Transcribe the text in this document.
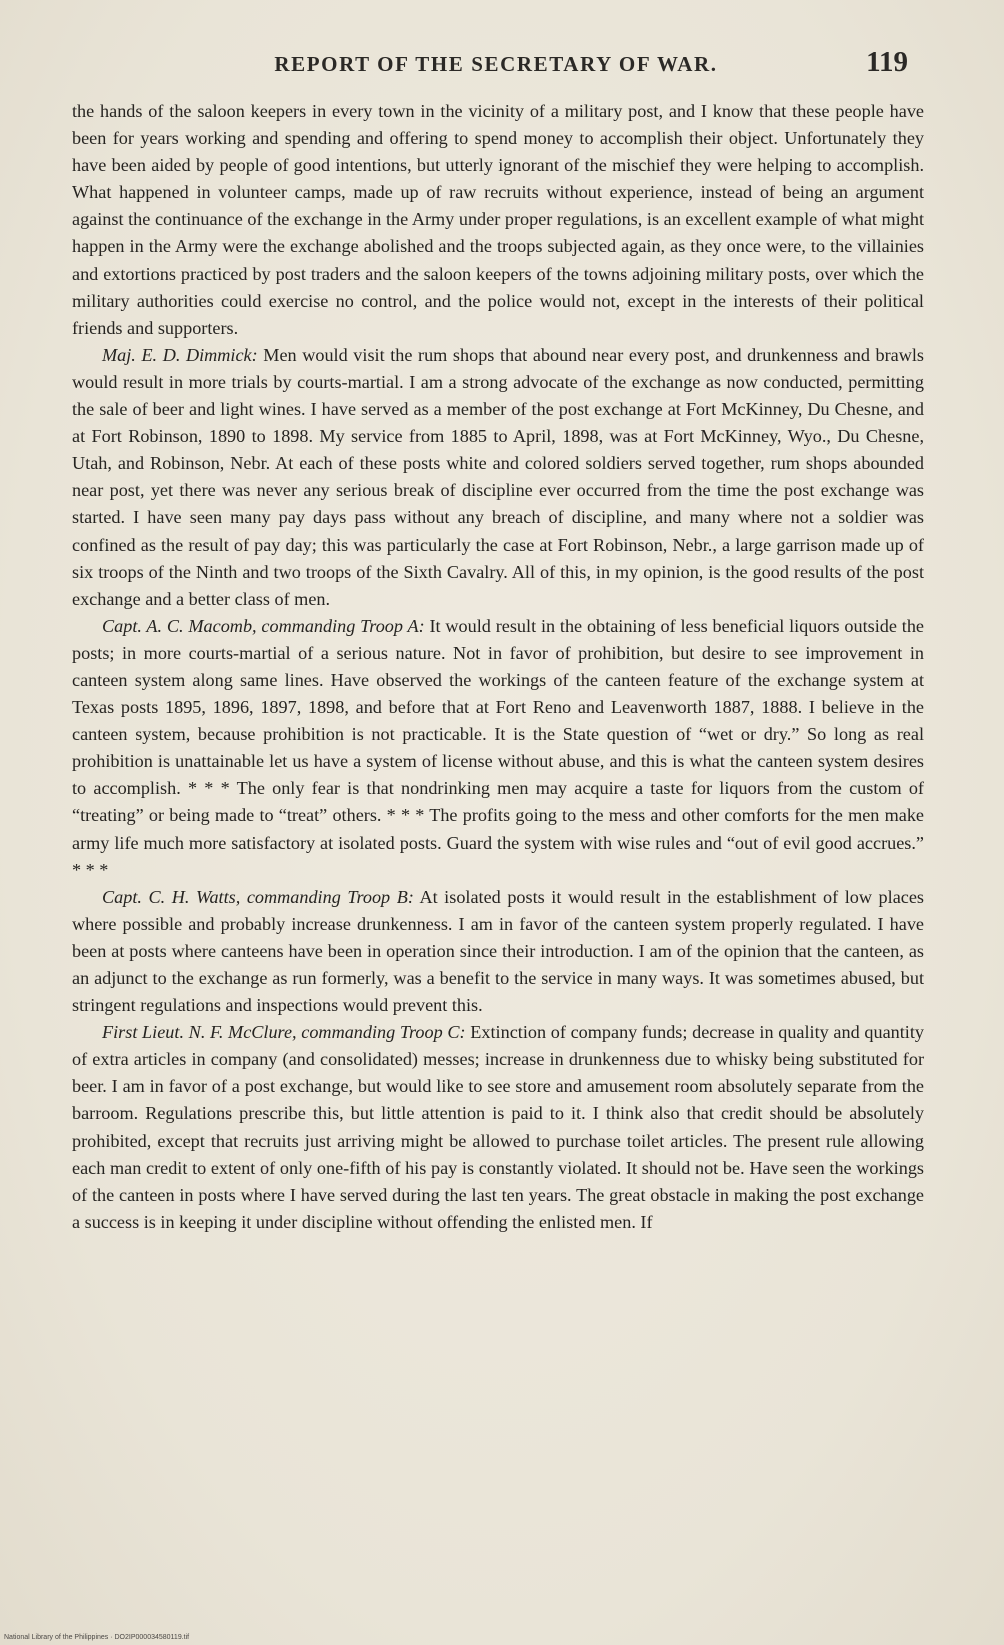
REPORT OF THE SECRETARY OF WAR.	119

the hands of the saloon keepers in every town in the vicinity of a military post, and I know that these people have been for years working and spending and offering to spend money to accomplish their object. Unfortunately they have been aided by people of good intentions, but utterly ignorant of the mischief they were helping to accomplish. What happened in volunteer camps, made up of raw recruits without experience, instead of being an argument against the continuance of the exchange in the Army under proper regulations, is an excellent example of what might happen in the Army were the exchange abolished and the troops subjected again, as they once were, to the villainies and extortions practiced by post traders and the saloon keepers of the towns adjoining military posts, over which the military authorities could exercise no control, and the police would not, except in the interests of their political friends and supporters.

Maj. E. D. Dimmick: Men would visit the rum shops that abound near every post, and drunkenness and brawls would result in more trials by courts-martial. I am a strong advocate of the exchange as now conducted, permitting the sale of beer and light wines. I have served as a member of the post exchange at Fort McKinney, Du Chesne, and at Fort Robinson, 1890 to 1898. My service from 1885 to April, 1898, was at Fort McKinney, Wyo., Du Chesne, Utah, and Robinson, Nebr. At each of these posts white and colored soldiers served together, rum shops abounded near post, yet there was never any serious break of discipline ever occurred from the time the post exchange was started. I have seen many pay days pass without any breach of discipline, and many where not a soldier was confined as the result of pay day; this was particularly the case at Fort Robinson, Nebr., a large garrison made up of six troops of the Ninth and two troops of the Sixth Cavalry. All of this, in my opinion, is the good results of the post exchange and a better class of men.

Capt. A. C. Macomb, commanding Troop A: It would result in the obtaining of less beneficial liquors outside the posts; in more courts-martial of a serious nature. Not in favor of prohibition, but desire to see improvement in canteen system along same lines. Have observed the workings of the canteen feature of the exchange system at Texas posts 1895, 1896, 1897, 1898, and before that at Fort Reno and Leavenworth 1887, 1888. I believe in the canteen system, because prohibition is not practicable. It is the State question of “wet or dry.” So long as real prohibition is unattainable let us have a system of license without abuse, and this is what the canteen system desires to accomplish. * * * The only fear is that nondrinking men may acquire a taste for liquors from the custom of “treating” or being made to “treat” others. * * * The profits going to the mess and other comforts for the men make army life much more satisfactory at isolated posts. Guard the system with wise rules and “out of evil good accrues.” * * *

Capt. C. H. Watts, commanding Troop B: At isolated posts it would result in the establishment of low places where possible and probably increase drunkenness. I am in favor of the canteen system properly regulated. I have been at posts where canteens have been in operation since their introduction. I am of the opinion that the canteen, as an adjunct to the exchange as run formerly, was a benefit to the service in many ways. It was sometimes abused, but stringent regulations and inspections would prevent this.

First Lieut. N. F. McClure, commanding Troop C: Extinction of company funds; decrease in quality and quantity of extra articles in company (and consolidated) messes; increase in drunkenness due to whisky being substituted for beer. I am in favor of a post exchange, but would like to see store and amusement room absolutely separate from the barroom. Regulations prescribe this, but little attention is paid to it. I think also that credit should be absolutely prohibited, except that recruits just arriving might be allowed to purchase toilet articles. The present rule allowing each man credit to extent of only one-fifth of his pay is constantly violated. It should not be. Have seen the workings of the canteen in posts where I have served during the last ten years. The great obstacle in making the post exchange a success is in keeping it under discipline without offending the enlisted men. If

National Library of the Philippines · DO2IP000034580119.tif
